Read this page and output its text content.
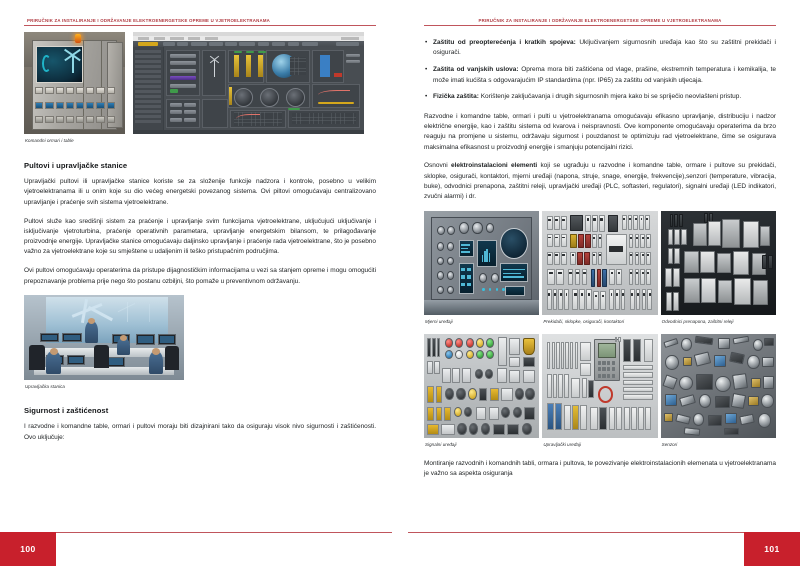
PRIRUČNIK ZA INSTALIRANJE I ODRŽAVANJE ELEKTROENERGETSKE OPREME U VJETROELEKTRANAMA
Komandni ormari i table
Pultovi i upravljačke stanice

Upravljački pultovi ili upravljačke stanice koriste se za složenije funkcije nadzora i kontrole, posebno u velikim vjetroelektranama ili u onim koje su dio većeg energetski povezanog sistema. Ovi piltovi omogućavaju centralizovano upravljanje i praćenje svih sistema vjetroelektrane.

Pultovi služe kao središnji sistem za praćenje i upravljanje svim funkcijama vjetroelektrane, uključujući uključivanje i isključivanje vjetroturbina, praćenje operativnih parametara, upravljanje energetskim bilansom, te prilagođavanje proizvodnje energije. Upravljačke stanice omogućavaju daljinsko upravljanje i praćenje rada vjetroelektrane, što je posebno važno za vjetroelektrane koje su smještene u udaljenim ili teško pristupačnim područjima.

Ovi pultovi omogućavaju operaterima da pristupe dijagnostičkim informacijama u vezi sa stanjem opreme i mogu omogućiti prepoznavanje problema prije nego što postanu ozbiljni, što pomaže u preventivnom održavanju.

Upravljačka stanica
Sigurnost i zaštićenost

I razvodne i komandne table, ormari i pultovi moraju biti dizajnirani tako da osiguraju visok nivo sigurnosti i zaštićenosti. Ovo uključuje:

100
PRIRUČNIK ZA INSTALIRANJE I ODRŽAVANJE ELEKTROENERGETSKE OPREME U VJETROELEKTRANAMA
• Zaštitu od preopterećenja i kratkih spojeva: Uključivanjem sigurnosnih uređaja kao što su zaštitni prekidači i osigurači.
• Zaštita od vanjskih uslova: Oprema mora biti zaštićena od vlage, prašine, ekstremnih temperatura i kemikalija, te može imati kućišta s odgovarajućim IP standardima (npr. IP65) za zaštitu od vanjskih utjecaja.
• Fizička zaštita: Korištenje zaključavanja i drugih sigurnosnih mjera kako bi se spriječio neovlašteni pristup.

Razvodne i komandne table, ormari i pulti u vjetroelektranama omogućavaju efikasno upravljanje, distribuciju i nadzor električne energije, kao i zaštitu sistema od kvarova i neispravnosti. Ove komponente omogućavaju operaterima da brzo reaguju na promjene u sistemu, održavaju sigurnost i pouzdanost te optimizuju rad vjetroelektrane, čime se osigurava maksimalna efikasnost u proizvodnji energije i smanjuju potencijalni rizici.

Osnovni elektroinstalacioni elementi koji se ugrađuju u razvodne i komandne table, ormare i pultove su prekidači, sklopke, osigurači, kontaktori, mjerni uređaji (napona, struje, snage, energije, frekvencije),senzori (temperature, vibracija, buke), odvodnici prenapona, zaštitni releji, upravljački uređaji (PLC, softasteri, regulatori), signalni uređaji (LED indikatori, zvučni alarmi) i dr.

Mjerni uređaji	Prekidači, sklopke, osigurači, kontaktori	Odvodnici prenapona, zaštitni releji
Signalni uređaji	Upravljački uređaji	Senzori

Montiranje razvodnih i komandnih tabli, ormara i pultova, te povezivanje elektroinstalacionih elemenata u vjetroelektranama je važno sa aspekta osiguranja

101
